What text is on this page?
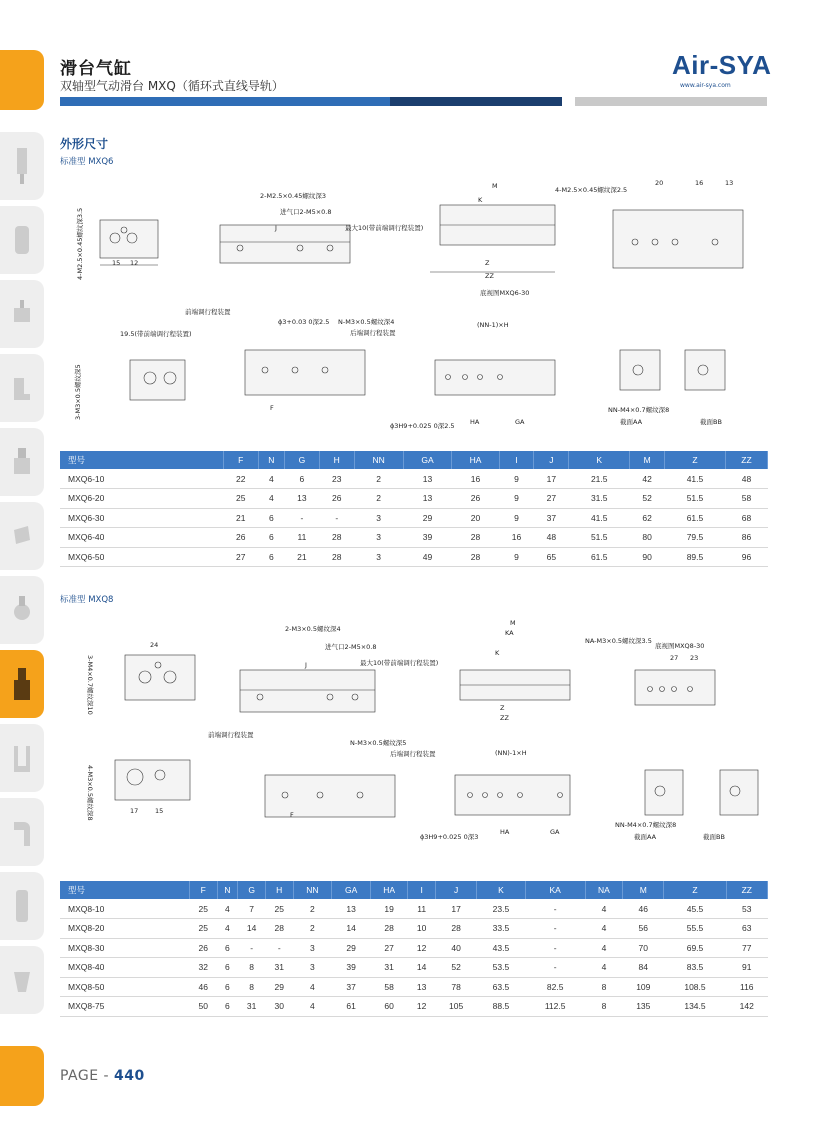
滑台气缸
双轴型气动滑台 MXQ（循环式直线导轨）
Air-SYA
www.air-sya.com
外形尺寸
标准型 MXQ6
4-M2.5×0.45螺纹深3.5	15 12
2-M2.5×0.45螺纹深3
进气口2-M5×0.8
最大10(带前端调行程装置)
J
M
K
Z
ZZ
4-M2.5×0.45螺纹深2.5
20	16	13
底视图MXQ6-30
19.5(带前端调行程装置)
3-M3×0.5螺纹深5
前端调行程装置
ϕ3+0.03 0深2.5 N-M3×0.5螺纹深4
后端调行程装置
F
(NN-1)×H
ϕ3H9+0.025 0深2.5 HA	GA
NN-M4×0.7螺纹深8
截面AA	截面BB
型号	F	N	G	H	NN	GA	HA	I	J	K	M	Z	ZZ
MXQ6-10	22	4	6	23	2	13	16	9	17	21.5	42	41.5	48
MXQ6-20	25	4	13	26	2	13	26	9	27	31.5	52	51.5	58
MXQ6-30	21	6	-	-	3	29	20	9	37	41.5	62	61.5	68
MXQ6-40	26	6	11	28	3	39	28	16	48	51.5	80	79.5	86
MXQ6-50	27	6	21	28	3	49	28	9	65	61.5	90	89.5	96
标准型 MXQ8
3-M4×0.7螺纹深10
24
2-M3×0.5螺纹深4
进气口2-M5×0.8
最大10(带前端调行程装置)
J
M
KA
K
Z
ZZ
NA-M3×0.5螺纹深3.5
底视图MXQ8-30
27 23
4-M3×0.5螺纹深8	17	15
前端调行程装置
N-M3×0.5螺纹深5
后端调行程装置
F
(NN)-1×H
ϕ3H9+0.025 0深3
HA	GA
NN-M4×0.7螺纹深8
截面AA	截面BB
型号	F	N	G	H	NN	GA	HA	I	J	K	KA	NA	M	Z	ZZ
MXQ8-10	25	4	7	25	2	13	19	11	17	23.5	-	4	46	45.5	53
MXQ8-20	25	4	14	28	2	14	28	10	28	33.5	-	4	56	55.5	63
MXQ8-30	26	6	-	-	3	29	27	12	40	43.5	-	4	70	69.5	77
MXQ8-40	32	6	8	31	3	39	31	14	52	53.5	-	4	84	83.5	91
MXQ8-50	46	6	8	29	4	37	58	13	78	63.5	82.5	8	109	108.5	116
MXQ8-75	50	6	31	30	4	61	60	12	105	88.5	112.5	8	135	134.5	142
PAGE - 440
